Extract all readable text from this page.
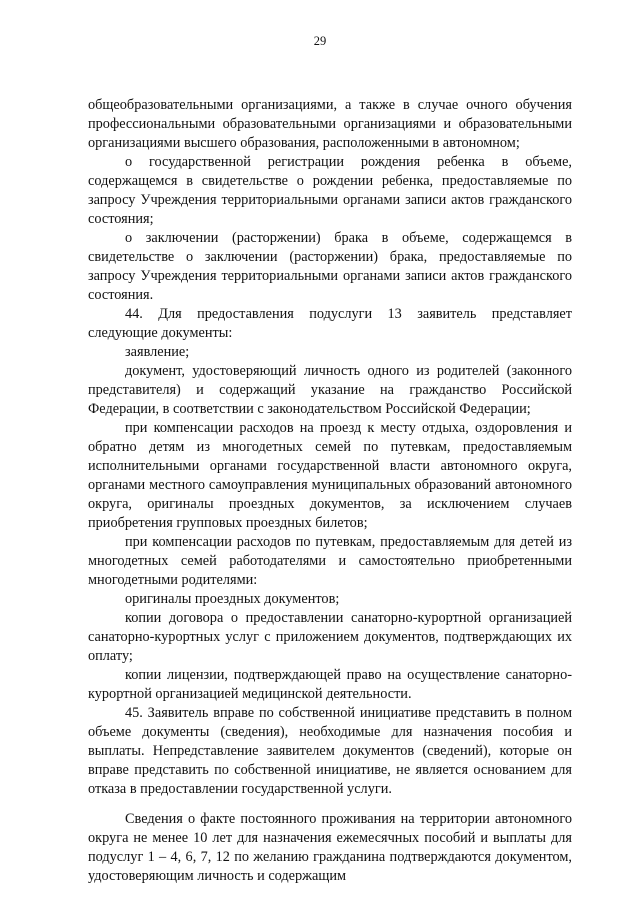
29

общеобразовательными организациями, а также в случае очного обучения профессиональными образовательными организациями и образовательными организациями высшего образования, расположенными в автономном;

о государственной регистрации рождения ребенка в объеме, содержащемся в свидетельстве о рождении ребенка, предоставляемые по запросу Учреждения территориальными органами записи актов гражданского состояния;

о заключении (расторжении) брака в объеме, содержащемся в свидетельстве о заключении (расторжении) брака, предоставляемые по запросу Учреждения территориальными органами записи актов гражданского состояния.

44. Для предоставления подуслуги 13 заявитель представляет следующие документы:

заявление;

документ, удостоверяющий личность одного из родителей (законного представителя) и содержащий указание на гражданство Российской Федерации, в соответствии с законодательством Российской Федерации;

при компенсации расходов на проезд к месту отдыха, оздоровления и обратно детям из многодетных семей по путевкам, предоставляемым исполнительными органами государственной власти автономного округа, органами местного самоуправления муниципальных образований автономного округа, оригиналы проездных документов, за исключением случаев приобретения групповых проездных билетов;

при компенсации расходов по путевкам, предоставляемым для детей из многодетных семей работодателями и самостоятельно приобретенными многодетными родителями:

оригиналы проездных документов;

копии договора о предоставлении санаторно-курортной организацией санаторно-курортных услуг с приложением документов, подтверждающих их оплату;

копии лицензии, подтверждающей право на осуществление санаторно-курортной организацией медицинской деятельности.

45. Заявитель вправе по собственной инициативе представить в полном объеме документы (сведения), необходимые для назначения пособия и выплаты. Непредставление заявителем документов (сведений), которые он вправе представить по собственной инициативе, не является основанием для отказа в предоставлении государственной услуги.

Сведения о факте постоянного проживания на территории автономного округа не менее 10 лет для назначения ежемесячных пособий и выплаты для подуслуг 1 – 4, 6, 7, 12 по желанию гражданина подтверждаются документом, удостоверяющим личность и содержащим
